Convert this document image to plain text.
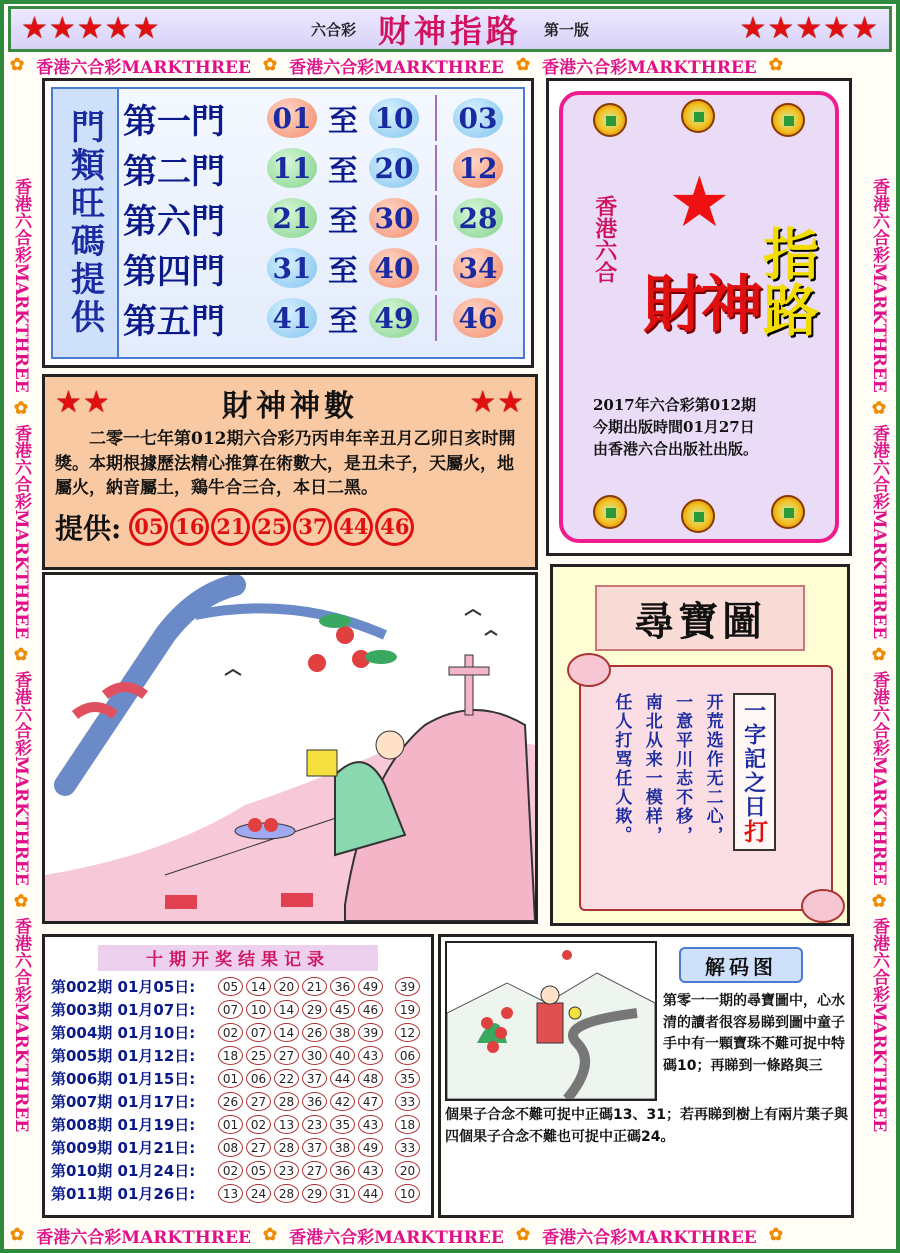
★★★★★	六合彩 财神指路 第一版	★★★★★
✿ 香港六合彩MARKTHREE ✿ 香港六合彩MARKTHREE ✿ 香港六合彩MARKTHREE ✿
✿ 香港六合彩MARKTHREE ✿ 香港六合彩MARKTHREE ✿ 香港六合彩MARKTHREE ✿
香港六合彩MARKTHREE ✿ 香港六合彩MARKTHREE ✿ 香港六合彩MARKTHREE ✿ 香港六合彩MARKTHREE
香港六合彩MARKTHREE ✿ 香港六合彩MARKTHREE ✿ 香港六合彩MARKTHREE ✿ 香港六合彩MARKTHREE
門類旺碼提供 第一門	01 至 10 03
第二門	11 至 20 12
第六門	21 至 30 28
第四門	31 至 40 34
第五門	41 至 49 46
★
香港六合
財神
指路
2017年六合彩第012期
今期出版時間01月27日
由香港六合出版社出版。
★★	財神神數	★★
二零一七年第012期六合彩乃丙申年辛丑月乙卯日亥时開獎。本期根據歷法精心推算在術數大，是丑未子，天屬火，地屬火，納音屬土，鶏牛合三合，本日二黑。
提供: 05 16 21 25 37 44 46
尋寶圖
一字記之日打
开荒选作无二心，
一意平川志不移，
南北从来一模样，
任人打骂任人欺。
十期开奖结果记录
第002期 01月05日:	05	14	20	21	36	49	39
第003期 01月07日:	07	10	14	29	45	46	19
第004期 01月10日:	02	07	14	26	38	39	12
第005期 01月12日:	18	25	27	30	40	43	06
第006期 01月15日:	01	06	22	37	44	48	35
第007期 01月17日:	26	27	28	36	42	47	33
第008期 01月19日:	01	02	13	23	35	43	18
第009期 01月21日:	08	27	28	37	38	49	33
第010期 01月24日:	02	05	23	27	36	43	20
第011期 01月26日:	13	24	28	29	31	44	10
解码图
第零一一期的尋寶圖中，心水清的讀者很容易睇到圖中童子手中有一顆寶珠不難可捉中特碼10；再睇到一條路與三
個果子合念不難可捉中正碼13、31；若再睇到樹上有兩片葉子與四個果子合念不難也可捉中正碼24。
